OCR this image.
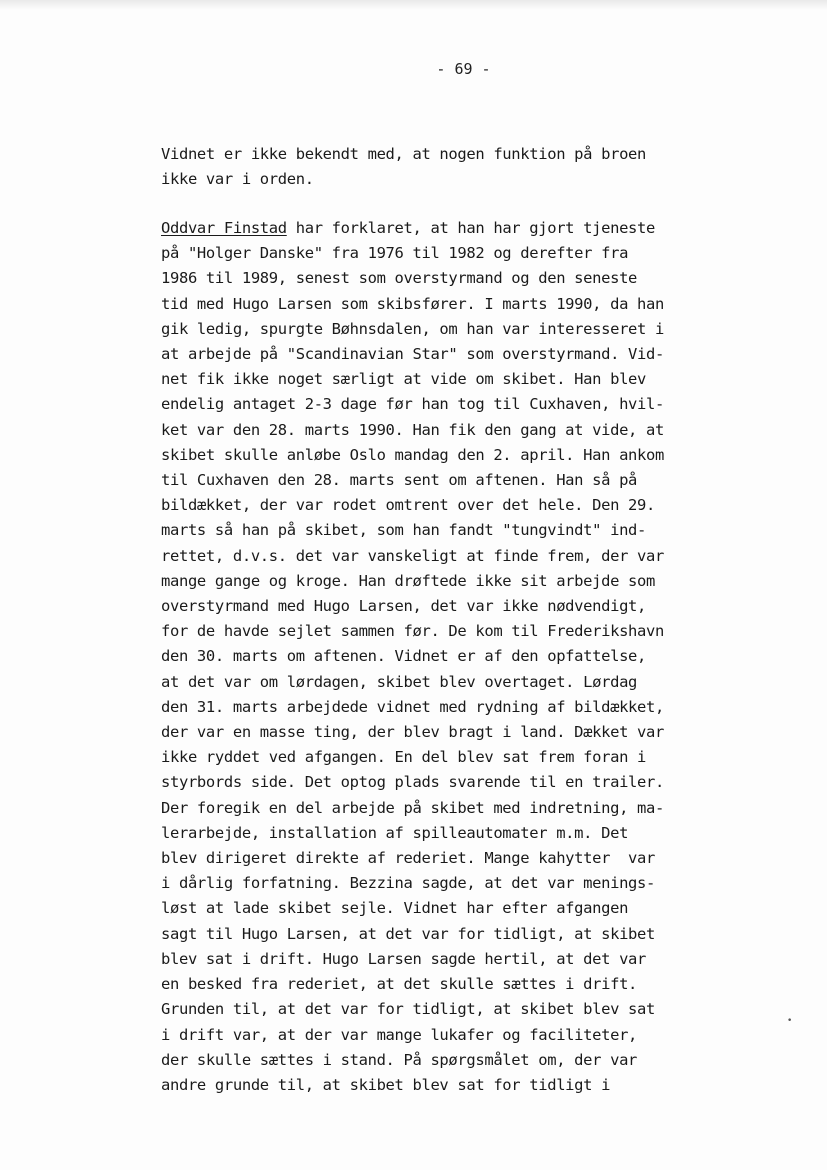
- 69 -
Vidnet er ikke bekendt med, at nogen funktion på broen
ikke var i orden.
Oddvar Finstad har forklaret, at han har gjort tjeneste
på "Holger Danske" fra 1976 til 1982 og derefter fra
1986 til 1989, senest som overstyrmand og den seneste
tid med Hugo Larsen som skibsfører. I marts 1990, da han
gik ledig, spurgte Bøhnsdalen, om han var interesseret i
at arbejde på "Scandinavian Star" som overstyrmand. Vid-
net fik ikke noget særligt at vide om skibet. Han blev
endelig antaget 2-3 dage før han tog til Cuxhaven, hvil-
ket var den 28. marts 1990. Han fik den gang at vide, at
skibet skulle anløbe Oslo mandag den 2. april. Han ankom
til Cuxhaven den 28. marts sent om aftenen. Han så på
bildækket, der var rodet omtrent over det hele. Den 29.
marts så han på skibet, som han fandt "tungvindt" ind-
rettet, d.v.s. det var vanskeligt at finde frem, der var
mange gange og kroge. Han drøftede ikke sit arbejde som
overstyrmand med Hugo Larsen, det var ikke nødvendigt,
for de havde sejlet sammen før. De kom til Frederikshavn
den 30. marts om aftenen. Vidnet er af den opfattelse,
at det var om lørdagen, skibet blev overtaget. Lørdag
den 31. marts arbejdede vidnet med rydning af bildækket,
der var en masse ting, der blev bragt i land. Dækket var
ikke ryddet ved afgangen. En del blev sat frem foran i
styrbords side. Det optog plads svarende til en trailer.
Der foregik en del arbejde på skibet med indretning, ma-
lerarbejde, installation af spilleautomater m.m. Det
blev dirigeret direkte af rederiet. Mange kahytter  var
i dårlig forfatning. Bezzina sagde, at det var menings-
løst at lade skibet sejle. Vidnet har efter afgangen
sagt til Hugo Larsen, at det var for tidligt, at skibet
blev sat i drift. Hugo Larsen sagde hertil, at det var
en besked fra rederiet, at det skulle sættes i drift.
Grunden til, at det var for tidligt, at skibet blev sat
i drift var, at der var mange lukafer og faciliteter,
der skulle sættes i stand. På spørgsmålet om, der var
andre grunde til, at skibet blev sat for tidligt i
•
